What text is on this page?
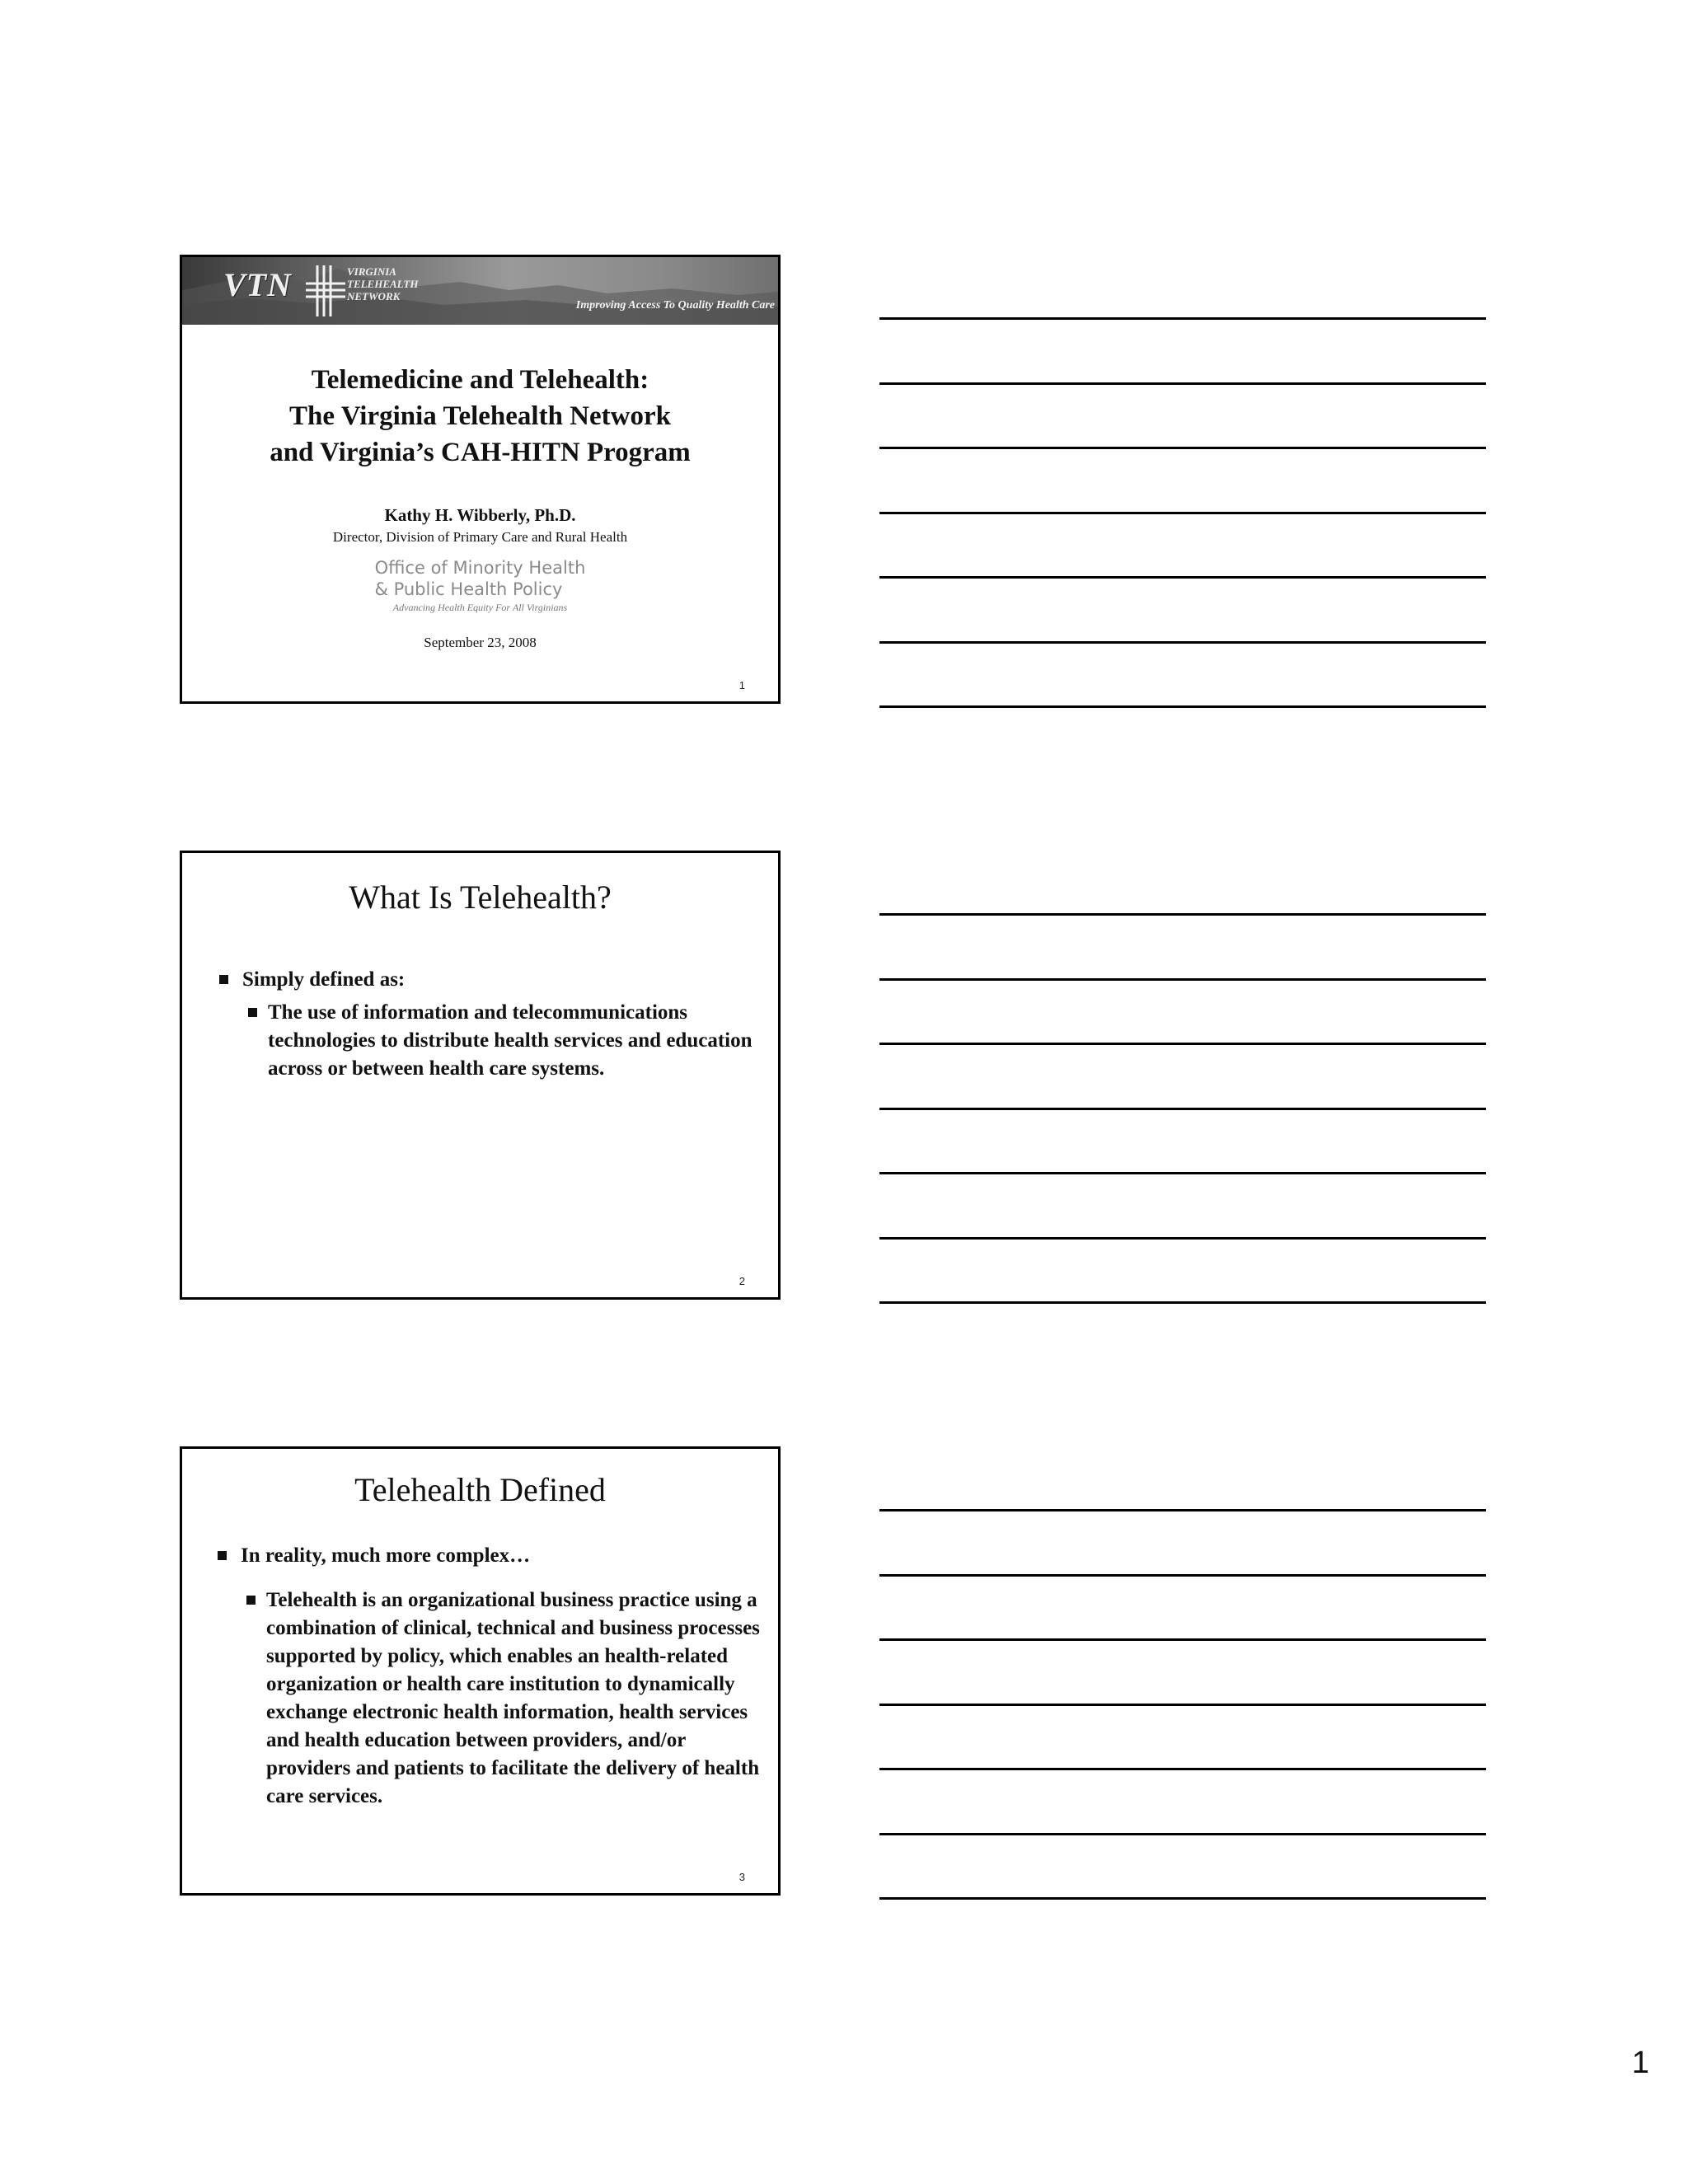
VTN	VIRGINIA
TELEHEALTH
NETWORK
Improving Access To Quality Health Care
Telemedicine and Telehealth:
The Virginia Telehealth Network
and Virginia’s CAH-HITN Program
Kathy H. Wibberly, Ph.D.
Director, Division of Primary Care and Rural Health
Office of Minority Health
& Public Health Policy
Advancing Health Equity For All Virginians
September 23, 2008
1
What Is Telehealth?
Simply defined as:
The use of information and telecommunications technologies to distribute health services and education across or between health care systems.
2
Telehealth Defined
In reality, much more complex…
Telehealth is an organizational business practice using a combination of clinical, technical and business processes supported by policy, which enables an health-related organization or health care institution to dynamically exchange electronic health information, health services and health education between providers, and/or providers and patients to facilitate the delivery of health care services.
3
1
